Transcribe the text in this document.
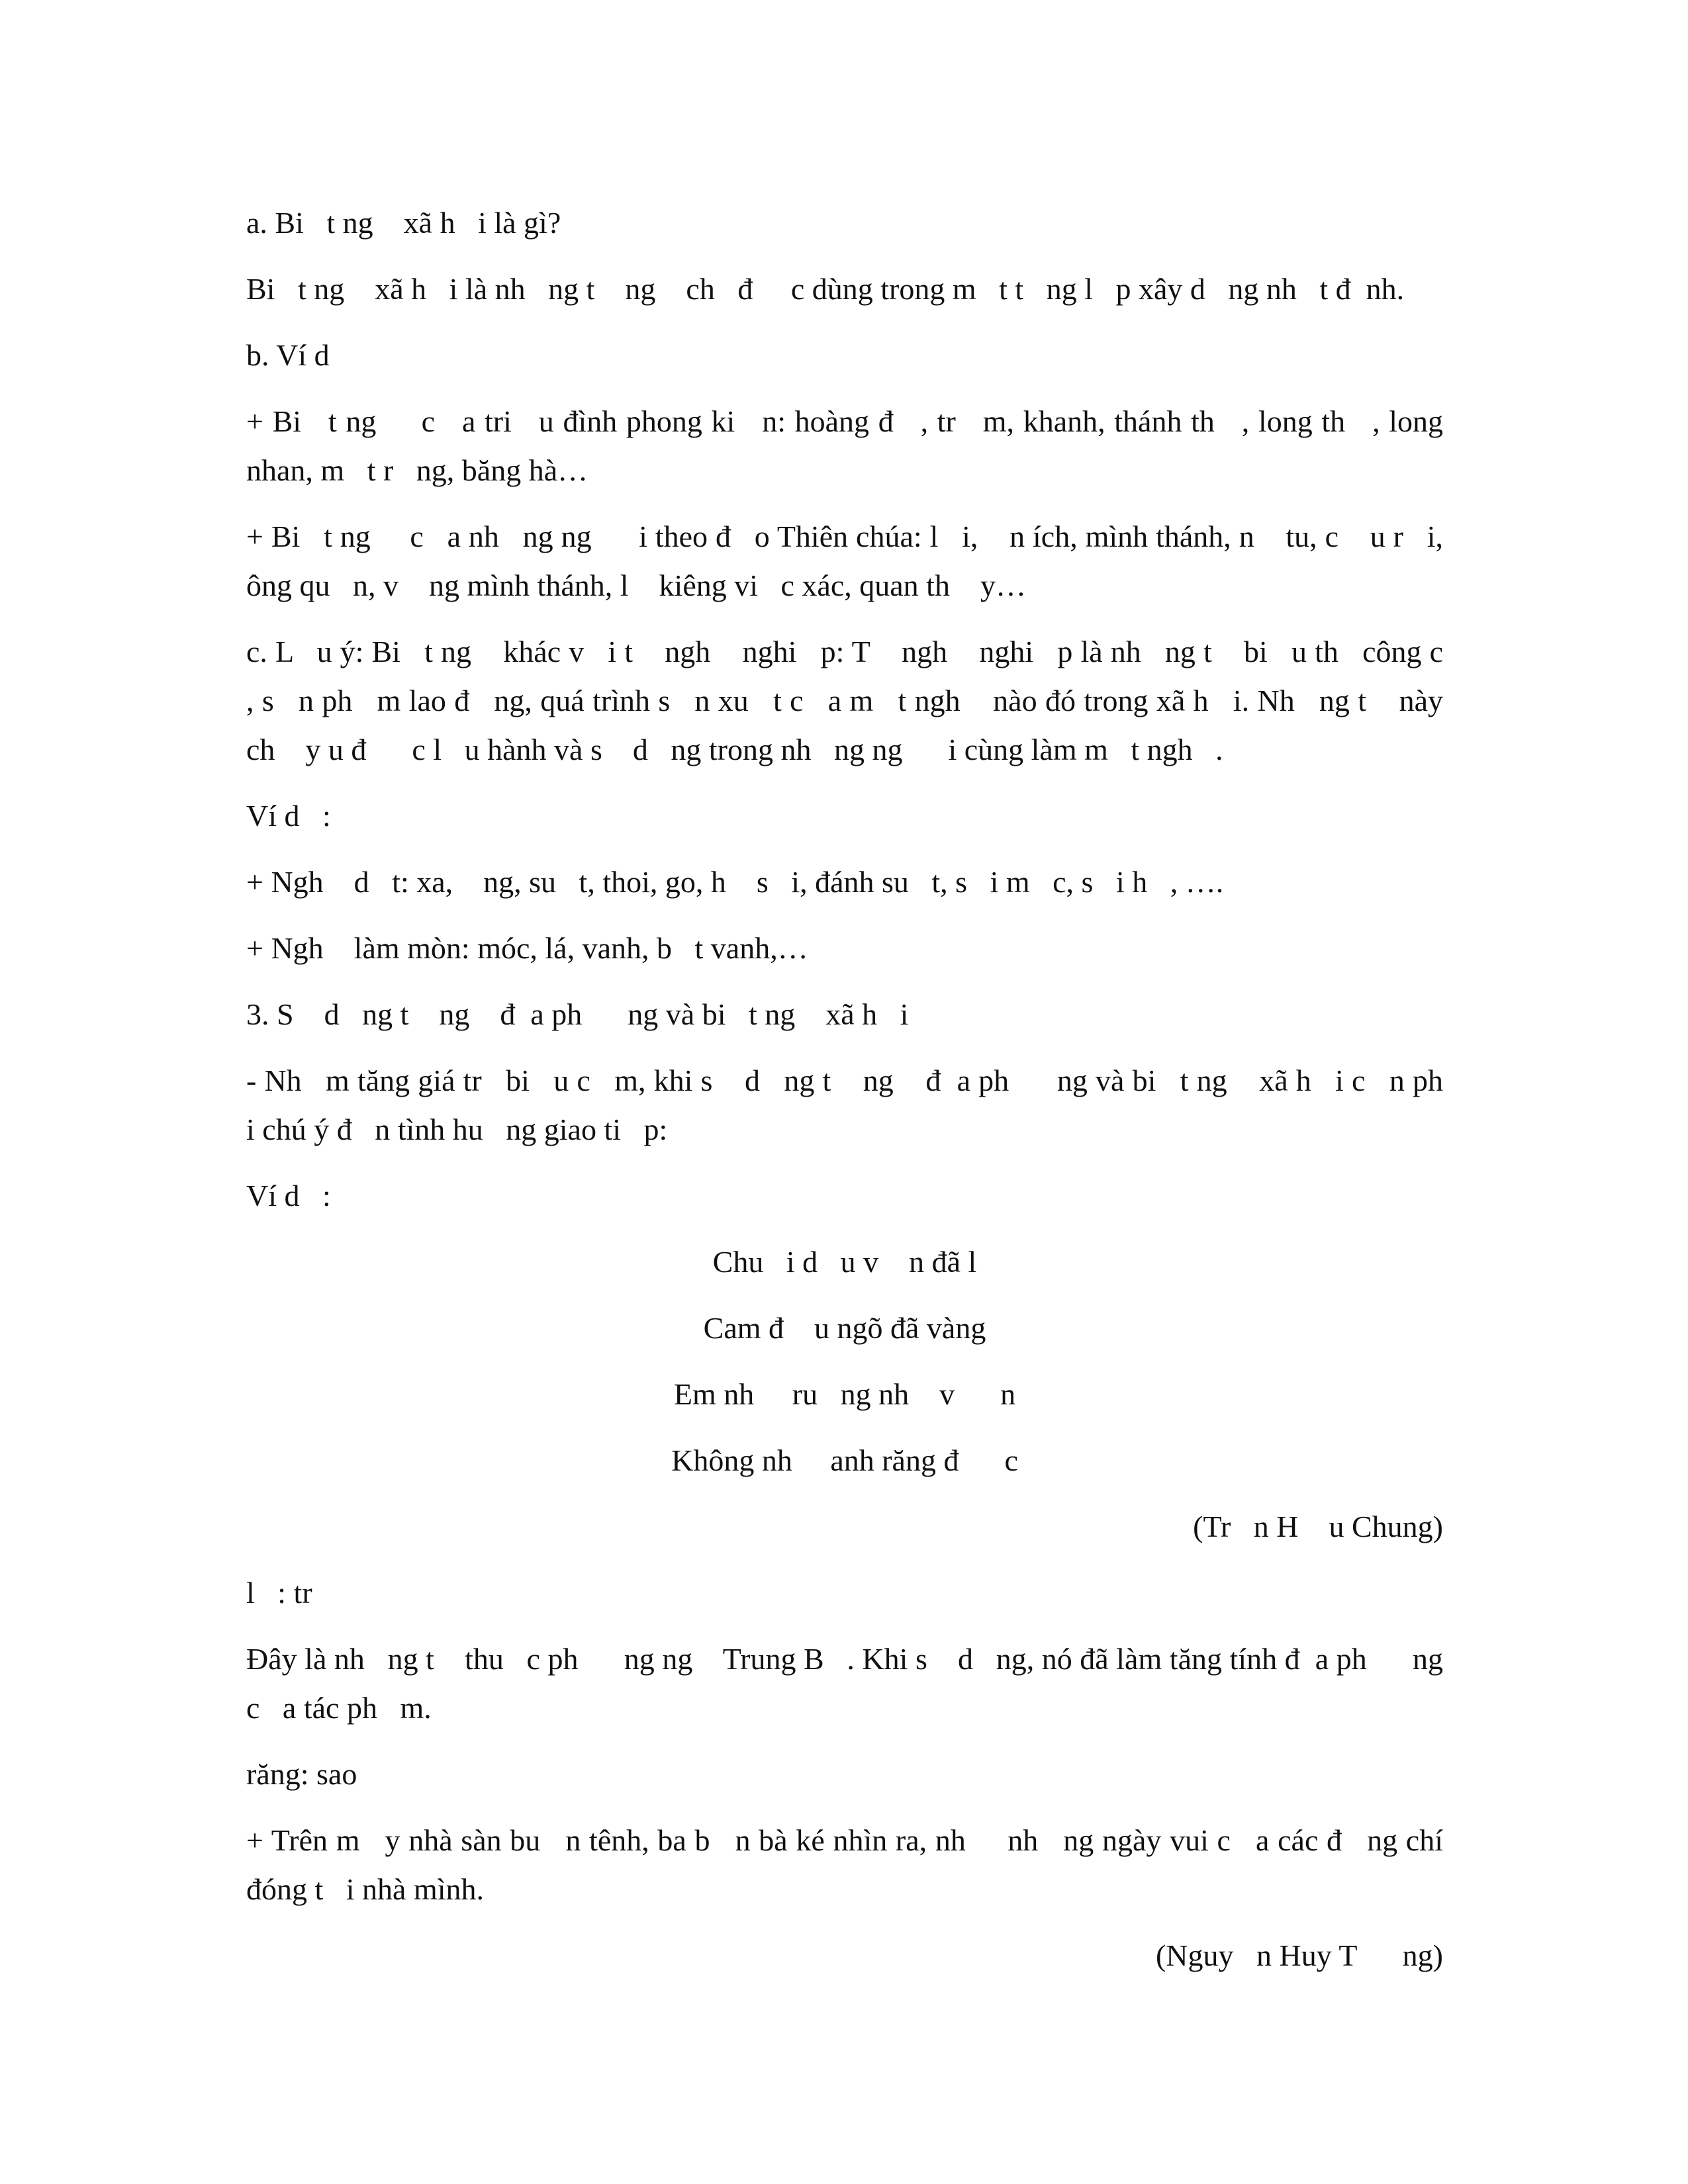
a. Bi   t ng    xã h   i là gì?

Bi   t ng    xã h   i là nh   ng t    ng    ch   đ     c dùng trong m   t t   ng l   p xây d   ng nh   t đ  nh.

b. Ví d

+ Bi   t ng     c   a tri   u đình phong ki   n: hoàng đ   , tr   m, khanh, thánh th   , long th   , long nhan, m   t r   ng, băng hà…

+ Bi   t ng     c   a nh   ng ng      i theo đ   o Thiên chúa: l   i,    n ích, mình thánh, n    tu, c    u r   i, ông qu   n, v    ng mình thánh, l    kiêng vi   c xác, quan th    y…

c. L   u ý: Bi   t ng    khác v   i t    ngh    nghi   p: T    ngh    nghi   p là nh   ng t    bi   u th   công c   , s   n ph   m lao đ   ng, quá trình s   n xu   t c   a m   t ngh    nào đó trong xã h   i. Nh   ng t    này ch    y u đ      c l   u hành và s    d   ng trong nh   ng ng      i cùng làm m   t ngh   .

Ví d   :

+ Ngh    d   t: xa,    ng, su   t, thoi, go, h    s   i, đánh su   t, s   i m   c, s   i h   , ….

+ Ngh    làm mòn: móc, lá, vanh, b   t vanh,…

3. S    d   ng t    ng    đ  a ph      ng và bi   t ng    xã h   i

- Nh   m tăng giá tr   bi   u c   m, khi s    d   ng t    ng    đ  a ph      ng và bi   t ng    xã h   i c   n ph   i chú ý đ   n tình hu   ng giao ti   p:

Ví d   :

Chu   i d   u v    n đã l

Cam đ    u ngõ đã vàng

Em nh     ru   ng nh    v      n

Không nh     anh răng đ      c

(Tr   n H    u Chung)

l   : tr

Đây là nh   ng t    thu   c ph      ng ng    Trung B   . Khi s    d   ng, nó đã làm tăng tính đ  a ph      ng c   a tác ph   m.

răng: sao

+ Trên m   y nhà sàn bu   n tênh, ba b   n bà ké nhìn ra, nh     nh   ng ngày vui c   a các đ   ng chí đóng t   i nhà mình.

(Nguy   n Huy T      ng)
